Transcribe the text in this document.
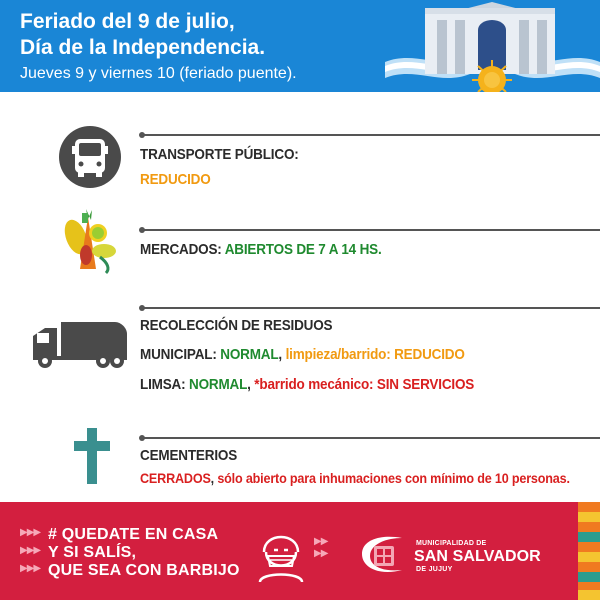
Feriado del 9 de julio,
Día de la Independencia.
Jueves 9 y viernes 10 (feriado puente).
TRANSPORTE PÚBLICO:
REDUCIDO
MERCADOS: ABIERTOS DE 7 A 14 HS.
RECOLECCIÓN DE RESIDUOS
MUNICIPAL: NORMAL, limpieza/barrido: REDUCIDO
LIMSA: NORMAL, *barrido mecánico: SIN SERVICIOS
CEMENTERIOS
CERRADOS, sólo abierto para inhumaciones con mínimo de 10 personas.
▶▶▶
▶▶▶
▶▶▶
# QUEDATE EN CASA
Y SI SALÍS,
QUE SEA CON BARBIJO
▶▶
▶▶
MUNICIPALIDAD DE
SAN SALVADOR
DE JUJUY
